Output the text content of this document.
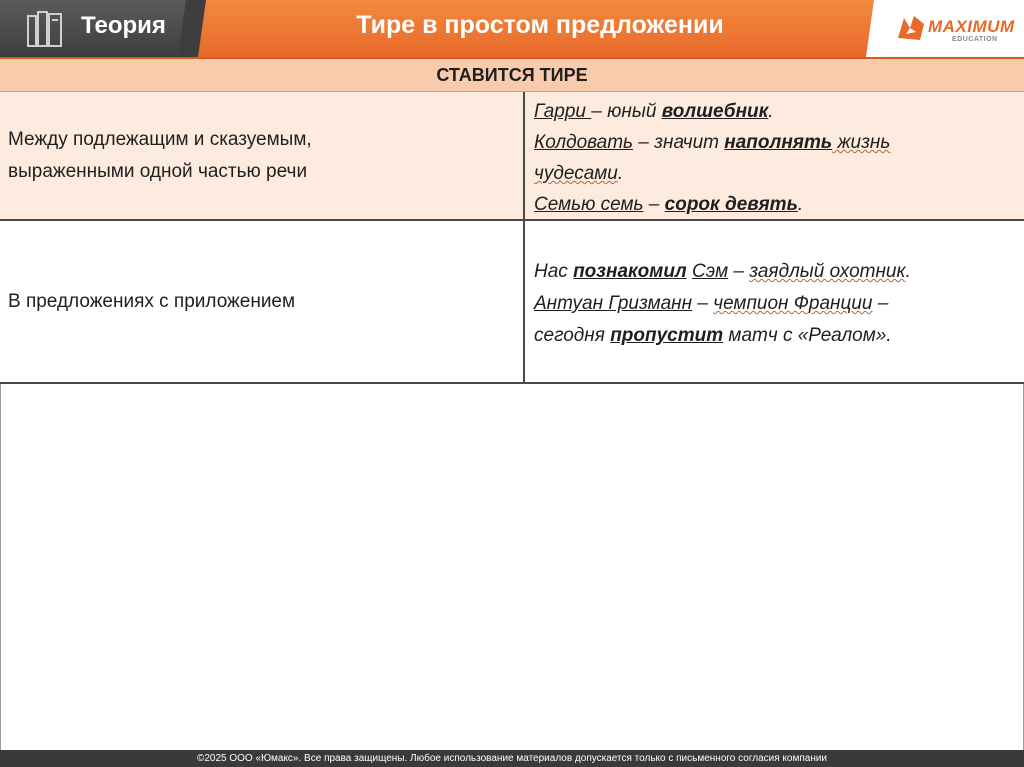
Теория	Тире в простом предложении	MAXIMUM
EDUCATION
СТАВИТСЯ ТИРЕ
Между подлежащим и сказуемым,
выраженными одной частью речи
Гарри – юный волшебник.
Колдовать – значит наполнять жизнь
чудесами.
Семью семь – сорок девять.
В предложениях с приложением
Нас познакомил Сэм – заядлый охотник.
Антуан Гризманн – чемпион Франции –
сегодня пропустит матч с «Реалом».
©2025 ООО «Юмакс». Все права защищены. Любое использование материалов допускается только с письменного согласия компании
